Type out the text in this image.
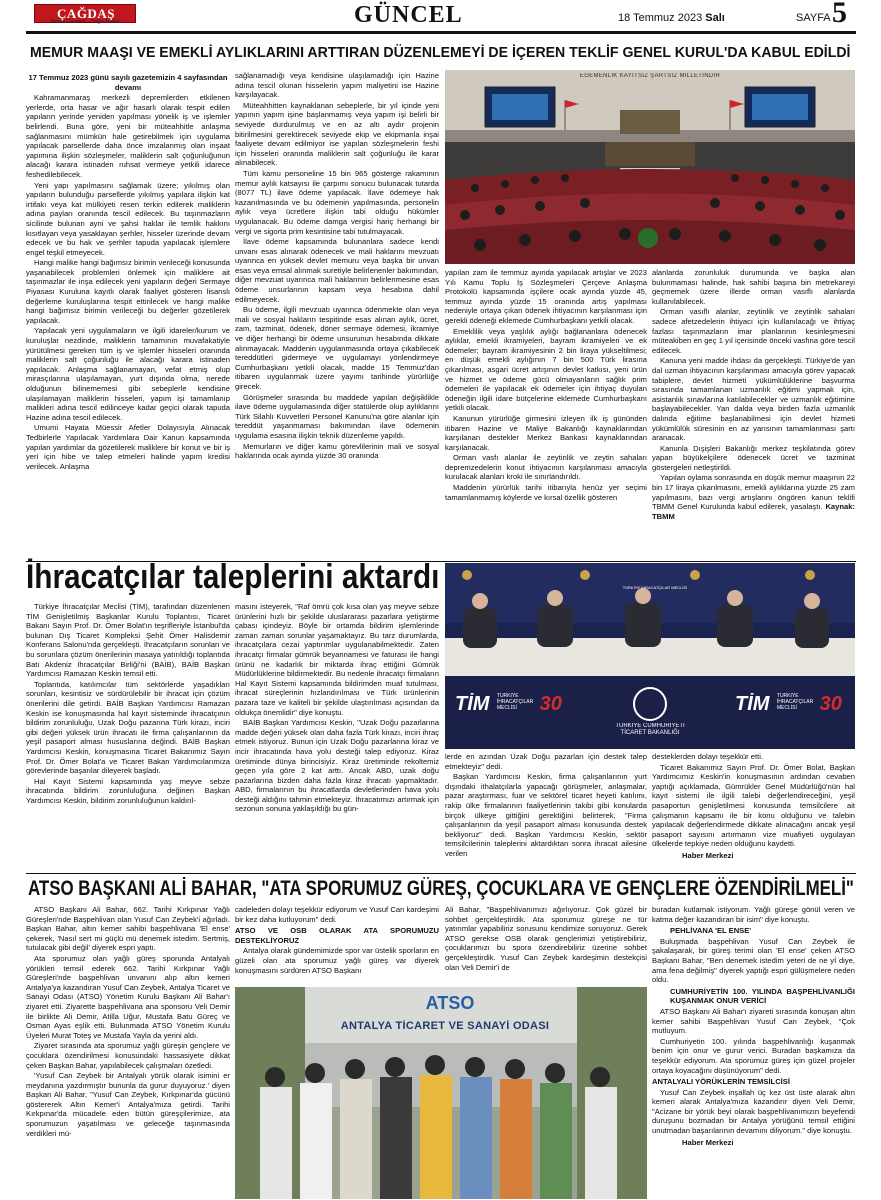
ÇAĞDAŞ
Burdur Gazetesi - Doğru Haber	GÜNCEL	18 Temmuz 2023 Salı	SAYFA 5
MEMUR MAAŞI VE EMEKLİ AYLIKLARINI ARTTIRAN DÜZENLEMEYİ DE İÇEREN TEKLİF GENEL KURUL'DA KABUL EDİLDİ

17 Temmuz 2023 günü sayılı gazetemizin 4 sayfasından devamı

Kahramanmaraş merkezli depremlerden etkilenen yerlerde, orta hasar ve ağır hasarlı olarak tespit edilen yapıların yerinde yeniden yapılması yönelik iş ve işlemler belirlendi. Buna göre, yeni bir müteahhitle anlaşma sağlanmasını mümkün hale getirebilmek için uygulama yapılacak parsellerde daha önce imzalanmış olan inşaat yapımına ilişkin sözleşmeler, maliklerin salt çoğunluğunun alacağı karara istinaden ruhsat vermeye yetkili idarece feshedilebilecek.

Yeni yapı yapılmasını sağlamak üzere; yıkılmış olan yapıların bulunduğu parsellerde yıkılmış yapılara ilişkin kat irtifakı veya kat mülkiyeti resen terkin edilerek maliklerin adına payları oranında tescil edilecek. Bu taşınmazların sicilinde bulunan ayni ve şahsi haklar ile temlik hakkını kısıtlayan veya yasaklayan şerhler, hisseler üzerinde devam edecek ve bu hak ve şerhler tapuda yapılacak işlemlere engel teşkil etmeyecek.

Hangi malike hangi bağımsız birimin verileceği konusunda yaşanabilecek problemleri önlemek için maliklere ait taşınmazlar ile inşa edilecek yeni yapıların değeri Sermaye Piyasası Kuruluna kayıtlı olarak faaliyet gösteren lisanslı değerleme kuruluşlarına tespit ettirilecek ve hangi malike hangi bağımsız birimin verileceği bu değerler gözetilerek yapılacak.

Yapılacak yeni uygulamaların ve ilgili idareler/kurum ve kuruluşlar nezdinde, maliklerin tamamının muvafakatiyle yürütülmesi gereken tüm iş ve işlemler hisseleri oranında maliklerin salt çoğunluğu ile alacağı karara istinaden yapılacak. Anlaşma sağlanamayan, vefat etmiş olup mirasçılarına ulaşılamayan, yurt dışında olma, nerede olduğunun bilinememesi gibi sebeplerle kendisine ulaşılamayan maliklerin hisseleri, yapım işi tamamlanıp malikleri adına tescil edilinceye kadar geçici olarak tapuda Hazine adına tescil edilecek.

Umumi Hayata Müessir Afetler Dolayısıyla Alınacak Tedbirlerle Yapılacak Yardımlara Dair Kanun kapsamında yapılan yardımlar da gözetilerek maliklere bir konut ve bir iş yeri için hibe ve talep etmeleri halinde yapım kredisi verilecek. Anlaşma

sağlanamadığı veya kendisine ulaşılamadığı için Hazine adına tescil olunan hisselerin yapım maliyetini ise Hazine karşılayacak.

Müteahhitten kaynaklanan sebeplerle, bir yıl içinde yeni yapının yapım işine başlanmamış veya yapım işi belirli bir seviyede durdurulmuş ve en az altı aydır projenin bitirilmesini gerektirecek seviyede ekip ve ekipmanla inşai faaliyete devam edilmiyor ise yapılan sözleşmelerin feshi için hisseleri oranında maliklerin salt çoğunluğu ile karar alınabilecek.

Tüm kamu personeline 15 bin 965 gösterge rakamının memur aylık katsayısı ile çarpımı sonucu bulunacak tutarda (8077 TL) ilave ödeme yapılacak. İlave ödemeye hak kazanılmasında ve bu ödemenin yapılmasında, personelin aylık veya ücretlere ilişkin tabi olduğu hükümler uygulanacak. Bu ödeme damga vergisi hariç herhangi bir vergi ve sigorta prim kesintisine tabi tutulmayacak.

İlave ödeme kapsamında bulunanlara sadece kendi unvanı esas alınarak ödenecek ve mali haklarını mevzuatı uyarınca en yüksek devlet memuru veya başka bir unvan esas veya emsal alınmak suretiyle belirlenenler bakımından, diğer mevzuat uyarınca mali haklarının belirlenmesine esas ödeme unsurlarının kapsam veya hesabına dahil edilmeyecek.

Bu ödeme, ilgili mevzuatı uyarınca ödenmekte olan veya mali ve sosyal hakların tespitinde esas alınan aylık, ücret, zam, tazminat, ödenek, döner sermaye ödemesi, ikramiye ve diğer herhangi bir ödeme unsurunun hesabında dikkate alınmayacak. Maddenin uygulanmasında ortaya çıkabilecek tereddütleri gidermeye ve uygulamayı yönlendirmeye Cumhurbaşkanı yetkili olacak, madde 15 Temmuz'dan itibaren uygulanmak üzere yayımı tarihinde yürürlüğe girecek.

Görüşmeler sırasında bu maddede yapılan değişiklikle ilave ödeme uygulamasında diğer statülerde olup aylıklarını Türk Silahlı Kuvvetleri Personel Kanunu'na göre alanlar için tereddüt yaşanmaması bakımından ilave ödemenin uygulama esasına ilişkin teknik düzenleme yapıldı.

Memurların ve diğer kamu görevlilerinin mali ve sosyal haklarında ocak ayında yüzde 30 oranında

EGEMENLİK KAYITSIZ ŞARTSIZ MİLLETİNDİR

yapılan zam ile temmuz ayında yapılacak artışlar ve 2023 Yılı Kamu Toplu İş Sözleşmeleri Çerçeve Anlaşma Protokolü kapsamında işçilere ocak ayında yüzde 45, temmuz ayında yüzde 15 oranında artış yapılması nedeniyle ortaya çıkan ödenek ihtiyacının karşılanması için gerekli ödeneği eklemede Cumhurbaşkanı yetkili olacak.

Emeklilik veya yaşlılık aylığı bağlananlara ödenecek aylıklar, emekli ikramiyeleri, bayram ikramiyeleri ve ek ödemeler; bayram ikramiyesinin 2 bin liraya yükseltilmesi; en düşük emekli aylığının 7 bin 500 Türk lirasına çıkarılması, asgari ücret artışının devlet katkısı, yeni ürün ve hizmet ve ödeme gücü olmayanların sağlık prim ödemeleri ile yapılacak ek ödemeler için ihtiyaç duyulan ödeneğin ilgili idare bütçelerine eklemede Cumhurbaşkanı yetkili olacak.

Kanunun yürürlüğe girmesini izleyen ilk iş gününden itibaren Hazine ve Maliye Bakanlığı kaynaklarından karşılanan destekler Merkez Bankası kaynaklarından karşılanacak.

Orman vasfı alanlar ile zeytinlik ve zeytin sahaları depremzedelerin konut ihtiyacının karşılanması amacıyla kurulacak alanları kroki ile sınırlandırıldı.

Maddenin yürürlük tarihi itibarıyla henüz yer seçimi tamamlanmamış köylerde ve kırsal özellik gösteren

alanlarda zorunluluk durumunda ve başka alan bulunmaması halinde, hak sahibi başına bin metrekareyi geçmemek üzere illerde orman vasıflı alanlarda kullanılabilecek.

Orman vasıflı alanlar, zeytinlik ve zeytinlik sahaları sadece afetzedelerin ihtiyacı için kullanılacağı ve ihtiyaç fazlası taşınmazların imar planlarının kesinleşmesini müteakiben en geç 1 yıl içerisinde önceki vasfına göre tescil edilecek.

Kanuna yeni madde ihdası da gerçekleşti. Türkiye'de yan dal uzman ihtiyacının karşılanması amacıyla görev yapacak tabiplere, devlet hizmeti yükümlülüklerine başvurma sırasında tamamlanan uzmanlık eğitimi yapmak için, asistanlık sınavlarına katılabilecekler ve uzmanlık eğitimine başlayabilecekler. Yan dalda veya birden fazla uzmanlık dalında eğitime başlanabilmesi için devlet hizmeti yükümlülük süresinin en az yarısının tamamlanması şartı aranacak.

Kanunla Dışişleri Bakanlığı merkez teşkilatında görev yapan büyükelçilere ödenecek ücret ve tazminat göstergeleri netleştirildi.

Yapılan oylama sonrasında en düşük memur maaşının 22 bin 17 liraya çıkarılmasını, emekli aylıklarına yüzde 25 zam yapılmasını, bazı vergi artışlarını öngören kanun teklifi TBMM Genel Kurulunda kabul edilerek, yasalaştı. Kaynak: TBMM

İhracatçılar taleplerini aktardı	TÜRKİYE İHRACATÇILAR MECLİSİ
TİM TÜRKİYE
İHRACATÇILAR
MECLİSİ 30
TÜRKİYE CUMHURİYETİ
TİCARET BAKANLIĞI
TİM TÜRKİYE
İHRACATÇILAR
MECLİSİ 30

Türkiye İhracatçılar Meclisi (TİM), tarafından düzenlenen TİM Genişletilmiş Başkanlar Kurulu Toplantısı, Ticaret Bakanı Sayın Prof. Dr. Ömer Bolat'ın teşrifleriyle İstanbul'da bulunan Dış Ticaret Kompleksi Şehit Ömer Halisdemir Konferans Salonu'nda gerçekleşti. İhracatçıların sorunları ve bu sorunlara çözüm önerilerinin masaya yatırıldığı toplantıda Batı Akdeniz İhracatçılar Birliği'ni (BAİB), BAİB Başkan Yardımcısı Ramazan Keskin temsil etti.

Toplantıda, katılımcılar tüm sektörlerde yaşadıkları sorunları, kesintisiz ve sürdürülebilir bir ihracat için çözüm önerilerini dile getirdi. BAİB Başkan Yardımcısı Ramazan Keskin ise konuşmasında hal kayıt sisteminde ihracatçının bildirim zorunluluğu, Uzak Doğu pazarına Türk kirazı, inciri gibi değeri yüksek ürün ihracatı ile firma çalışanlarının da yeşil pasaport alması hususlarına değindi. BAİB Başkan Yardımcısı Keskin, konuşmasına Ticaret Bakanımız Sayın Prof. Dr. Ömer Bolat'a ve Ticaret Bakan Yardımcılarımıza görevlerinde başarılar dileyerek başladı.

Hal Kayıt Sistemi kapsamında yaş meyve sebze ihracatında bildirim zorunluluğuna değinen Başkan Yardımcısı Keskin, bildirim zorunluluğunun kaldırıl-

masını isteyerek, "Raf ömrü çok kısa olan yaş meyve sebze ürünlerini hızlı bir şekilde uluslararası pazarlara yetiştirme çabası içindeyiz. Böyle bir ortamda bildirim işlemlerinde zaman zaman sorunlar yaşamaktayız. Bu tarz durumlarda, ihracatçılara cezai yaptırımlar uygulanabilmektedir. Zaten ihracatçı firmalar gümrük beyannamesi ve faturası ile hangi ürünü ne kadarlık bir miktarda ihraç ettiğini Gümrük Müdürlüklerine bildirmektedir. Bu nedenle ihracatçı firmaların Hal Kayıt Sistemi kapsamında bildirimden muaf tutulması, ihracat süreçlerinin hızlandırılması ve Türk ürünlerinin pazara taze ve kaliteli bir şekilde ulaştırılması açısından da oldukça önemlidir" diye konuştu.

BAİB Başkan Yardımcısı Keskin, "Uzak Doğu pazarlarına madde değeri yüksek olan daha fazla Türk kirazı, inciri ihraç etmek istiyoruz. Bunun için Uzak Doğu pazarlarına kiraz ve incir ihracatında hava yolu desteği talep ediyoruz. Kiraz üretiminde dünya birincisiyiz. Kiraz üretiminde rekoltemiz geçen yıla göre 2 kat arttı. Ancak ABD, uzak doğu pazarlarına bizden daha fazla kiraz ihracatı yapmaktadır. ABD, firmalarının bu ihracatlarda devletlerinden hava yolu desteği aldığını tahmin etmekteyiz. İhracatımızı artırmak için sezonun sonuna yaklaşıldığı bu gün-

lerde en azından Uzak Doğu pazarları için destek talep etmekteyiz" dedi.

Başkan Yardımcısı Keskin, firma çalışanlarının yurt dışındaki ithalatçılarla yapacağı görüşmeler, anlaşmalar, pazar araştırması, fuar ve sektörel ticaret heyeti katılımı, rakip ülke firmalarının faaliyetlerinin takibi gibi konularda birçok ülkeye gittiğini gerektiğini belirterek, "Firma çalışanlarının da yeşil pasaport alması konusunda destek bekliyoruz" dedi. Başkan Yardımcısı Keskin, sektör temsilcilerinin taleplerini aktardıktan sonra ihracat ailesine verilen

desteklerden dolayı teşekkür etti.

Ticaret Bakanımız Sayın Prof. Dr. Ömer Bolat, Başkan Yardımcımız Keskin'in konuşmasının ardından cevaben yaptığı açıklamada, Gümrükler Genel Müdürlüğü'nün hal kayıt sistemi ile ilgili talebi değerlendireceğini, yeşil pasaportun genişletilmesi konusunda temsilcilere ait çalışmanın kapsamı ile bir konu olduğunu ve talebin yapılacak değerlendirmede dikkate alınacağını ancak yeşil pasaport sayısını artırmanın vize muafiyeti uygulayan ülkelerde tepkiye neden olduğunu kaydetti.

Haber Merkezi

ATSO BAŞKANI ALİ BAHAR, "ATA SPORUMUZ GÜREŞ, ÇOCUKLARA VE GENÇLERE ÖZENDİRİLMELİ"

ATSO Başkanı Ali Bahar, 662. Tarihi Kırkpınar Yağlı Güreşleri'nde Başpehlivan olan Yusuf Can Zeybek'i ağırladı. Başkan Bahar, altın kemer sahibi başpehlivana 'El ense' çekerek, 'Nasıl sert mi güçlü mü denemek istedim. Sertmiş, tutulacak gibi değil' diyerek espri yaptı.

Ata sporumuz olan yağlı güreş sporunda Antalyalı yörükleri temsil ederek 662. Tarihi Kırkpınar Yağlı Güreşleri'nde başpehlivan unvanını alıp altın kemeri Antalya'ya kazandıran Yusuf Can Zeybek, Antalya Ticaret ve Sanayi Odası (ATSO) Yönetim Kurulu Başkanı Ali Bahar'ı ziyaret etti. Ziyarette başpehlivana ana sponsoru Veli Demir ile birlikte Ali Demir, Atilla Uğur, Mustafa Batu Güreç ve Osman Ayas eşlik etti. Bulunmada ATSO Yönetim Kurulu Üyeleri Murat Toteş ve Mustafa Yayla da yerini aldı.

Ziyaret sırasında ata sporumuz yağlı güreşin gençlere ve çocuklara özendirilmesi konusundaki hassasiyete dikkat çeken Başkan Bahar, yapılabilecek çalışmaları özetledi.

'Yusuf Can Zeybek bir Antalyalı yörük olarak isimini er meydanına yazdırmıştır bununla da gurur duyuyoruz.' diyen Başkan Ali Bahar, "Yusuf Can Zeybek, Kırkpınar'da gücünü göstererek Altın Kemer'i Antalya'mıza getirdi. Tarihi Kırkpınar'da mücadele eden bütün güreşçilerimize, ata sporumuzun yaşatılması ve geleceğe taşınmasında verdikleri mü-

cadeleden dolayı teşekkür ediyorum ve Yusuf Can kardeşimi bir kez daha kutluyorum" dedi.

ATSO VE OSB OLARAK ATA SPORUMUZU DESTEKLİYORUZ

Antalya olarak gündemimizde spor var üstelik sporların en güzeli olan ata sporumuz yağlı güreş var diyerek konuşmasını sürdüren ATSO Başkanı

Ali Bahar, "Başpehlivanımızı ağırlıyoruz. Çok güzel bir sohbet gerçekleştirdik. Ata sporumuz güreşe ne tür yatırımlar yapabiliriz sorusunu kendimize soruyoruz. Gerek ATSO gerekse OSB olarak gençlerimizi yetiştirebiliriz, çocuklarımızı bu spora özendirebiliriz üzerine sohbet gerçekleştirdik. Yusuf Can Zeybek kardeşimin destekçisi olan Veli Demir'i de

ATSO
ANTALYA TİCARET VE SANAYİ ODASI

buradan kutlamak istiyorum. Yağlı güreşe gönül veren ve katma değer kazandıran bir isim" diye konuştu.

PEHLİVANA 'EL ENSE'

Buluşmada başpehlivan Yusuf Can Zeybek ile şakalaşarak, bir güreş terimi olan 'El ense' çeken ATSO Başkanı Bahar, "Ben denemek istedim yeteri de ne yİ diye, ama fena değilmiş" diyerek yaptığı espri gülüşmelere neden oldu.

CUMHURİYETİN 100. YILINDA BAŞPEHLİVANLIĞI KUŞANMAK ONUR VERİCİ

ATSO Başkanı Ali Bahar'ı ziyareti sırasında konuşan altın kemer sahibi Başpehlivan Yusuf Can Zeybek, "Çok mutluyum.

Cumhuriyetin 100. yılında başpehlivanlığı kuşanmak benim için onur ve gurur verici. Buradan başkamıza da teşekkür ediyorum. Ata sporumuz güreş için güzel projeler ortaya koyacağını düşünüyorum" dedi.

ANTALYALI YÖRÜKLERİN TEMSİLCİSİ

Yusuf Can Zeybek inşallah üç kez üst üste alarak altın kemeri alarak Antalya'mıza kazandırır diyen Veli Demir, "Acizane bir yörük beyi olarak başpehlivanımızın beyefendi duruşunu bozmadan bir Antalya yörüğünü temsil ettiğini unutmadan başarılarının devamını diliyorum." diye konuştu.

Haber Merkezi
